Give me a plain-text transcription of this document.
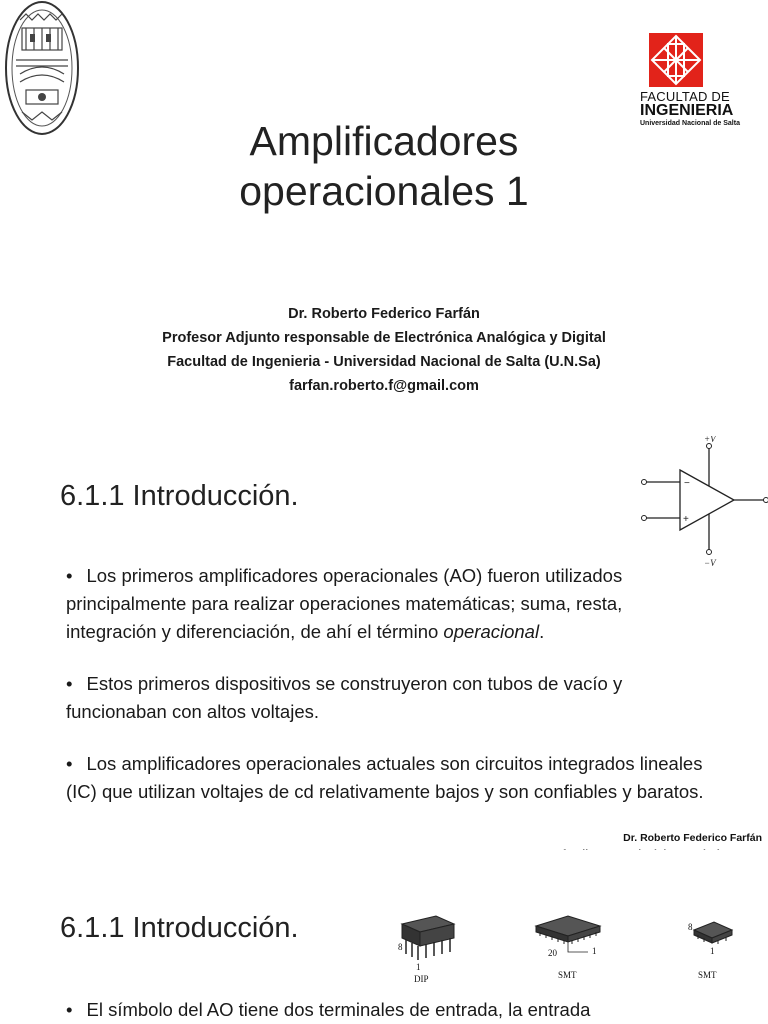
FACULTAD DE
INGENIERIA
Universidad Nacional de Salta
Amplificadores
operacionales 1
Dr. Roberto Federico Farfán
Profesor Adjunto responsable de Electrónica Analógica y Digital
Facultad de Ingenieria - Universidad Nacional de Salta (U.N.Sa)
farfan.roberto.f@gmail.com
6.1.1 Introducción.
+V
−V
−
+
• Los primeros amplificadores operacionales (AO) fueron utilizados principalmente para realizar operaciones matemáticas; suma, resta, integración y diferenciación, de ahí el término operacional.
• Estos primeros dispositivos se construyeron con tubos de vacío y funcionaban con altos voltajes.
• Los amplificadores operacionales actuales son circuitos integrados lineales (IC) que utilizan voltajes de cd relativamente bajos y son confiables y baratos.
Dr. Roberto Federico Farfán
6.1.1 Introducción.
8
1
DIP
20	1
SMT
8
1
SMT
• El símbolo del AO tiene dos terminales de entrada, la entrada
